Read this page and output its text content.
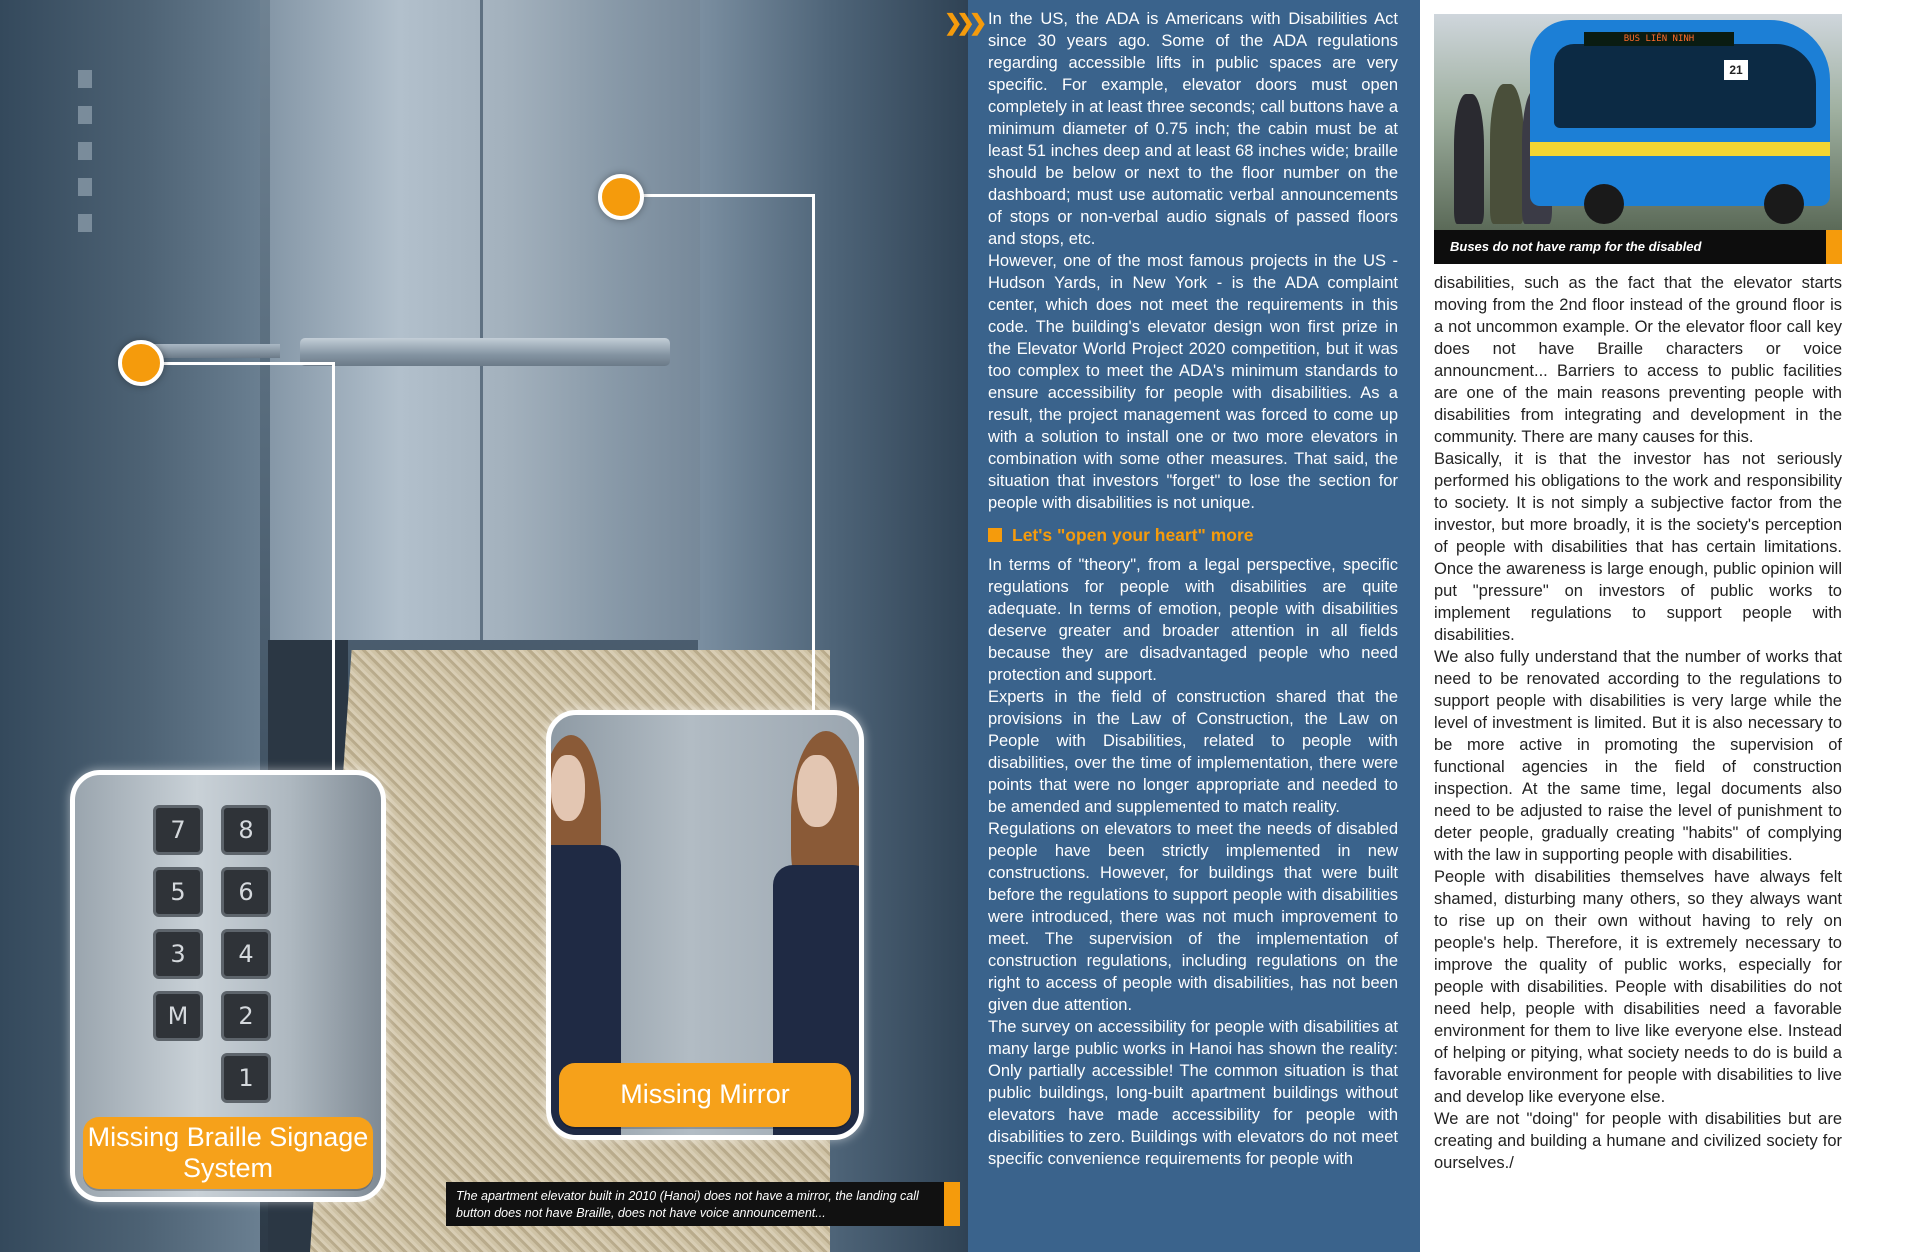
7	8
5	6
3	4
M	2
1
Missing Braille Signage System
Missing Mirror
The apartment elevator built in 2010 (Hanoi) does not have a mirror, the landing call button does not have Braille, does not have voice announcement...
❯❯❯ In the US, the ADA is Americans with Disabilities Act since 30 years ago. Some of the ADA regulations regarding accessible lifts in public spaces are very specific. For example, elevator doors must open completely in at least three seconds; call buttons have a minimum diameter of 0.75 inch; the cabin must be at least 51 inches deep and at least 68 inches wide; braille should be below or next to the floor number on the dashboard; must use automatic verbal announcements of stops or non-verbal audio signals of passed floors and stops, etc.

However, one of the most famous projects in the US - Hudson Yards, in New York - is the ADA complaint center, which does not meet the requirements in this code. The building's elevator design won first prize in the Elevator World Project 2020 competition, but it was too complex to meet the ADA's minimum standards to ensure accessibility for people with disabilities. As a result, the project management was forced to come up with a solution to install one or two more elevators in combination with some other measures. That said, the situation that investors "forget" to lose the section for people with disabilities is not unique.

Let's "open your heart" more

In terms of "theory", from a legal perspective, specific regulations for people with disabilities are quite adequate. In terms of emotion, people with disabilities deserve greater and broader attention in all fields because they are disadvantaged people who need protection and support.

Experts in the field of construction shared that the provisions in the Law of Construction, the Law on People with Disabilities, related to people with disabilities, over the time of implementation, there were points that were no longer appropriate and needed to be amended and supplemented to match reality.

Regulations on elevators to meet the needs of disabled people have been strictly implemented in new constructions. However, for buildings that were built before the regulations to support people with disabilities were introduced, there was not much improvement to meet. The supervision of the implementation of construction regulations, including regulations on the right to access of people with disabilities, has not been given due attention.

The survey on accessibility for people with disabilities at many large public works in Hanoi has shown the reality: Only partially accessible! The common situation is that public buildings, long-built apartment buildings without elevators have made accessibility for people with disabilities to zero. Buildings with elevators do not meet specific convenience requirements for people with

BUS LIÊN NINH
21
Buses do not have ramp for the disabled

disabilities, such as the fact that the elevator starts moving from the 2nd floor instead of the ground floor is a not uncommon example. Or the elevator floor call key does not have Braille characters or voice announcment... Barriers to access to public facilities are one of the main reasons preventing people with disabilities from integrating and development in the community. There are many causes for this.

Basically, it is that the investor has not seriously performed his obligations to the work and responsibility to society. It is not simply a subjective factor from the investor, but more broadly, it is the society's perception of people with disabilities that has certain limitations. Once the awareness is large enough, public opinion will put "pressure" on investors of public works to implement regulations to support people with disabilities.

We also fully understand that the number of works that need to be renovated according to the regulations to support people with disabilities is very large while the level of investment is limited. But it is also necessary to be more active in promoting the supervision of functional agencies in the field of construction inspection. At the same time, legal documents also need to be adjusted to raise the level of punishment to deter people, gradually creating "habits" of complying with the law in supporting people with disabilities.

People with disabilities themselves have always felt shamed, disturbing many others, so they always want to rise up on their own without having to rely on people's help. Therefore, it is extremely necessary to improve the quality of public works, especially for people with disabilities. People with disabilities do not need help, people with disabilities need a favorable environment for them to live like everyone else. Instead of helping or pitying, what society needs to do is build a favorable environment for people with disabilities to live and develop like everyone else.

We are not "doing" for people with disabilities but are creating and building a humane and civilized society for ourselves./
